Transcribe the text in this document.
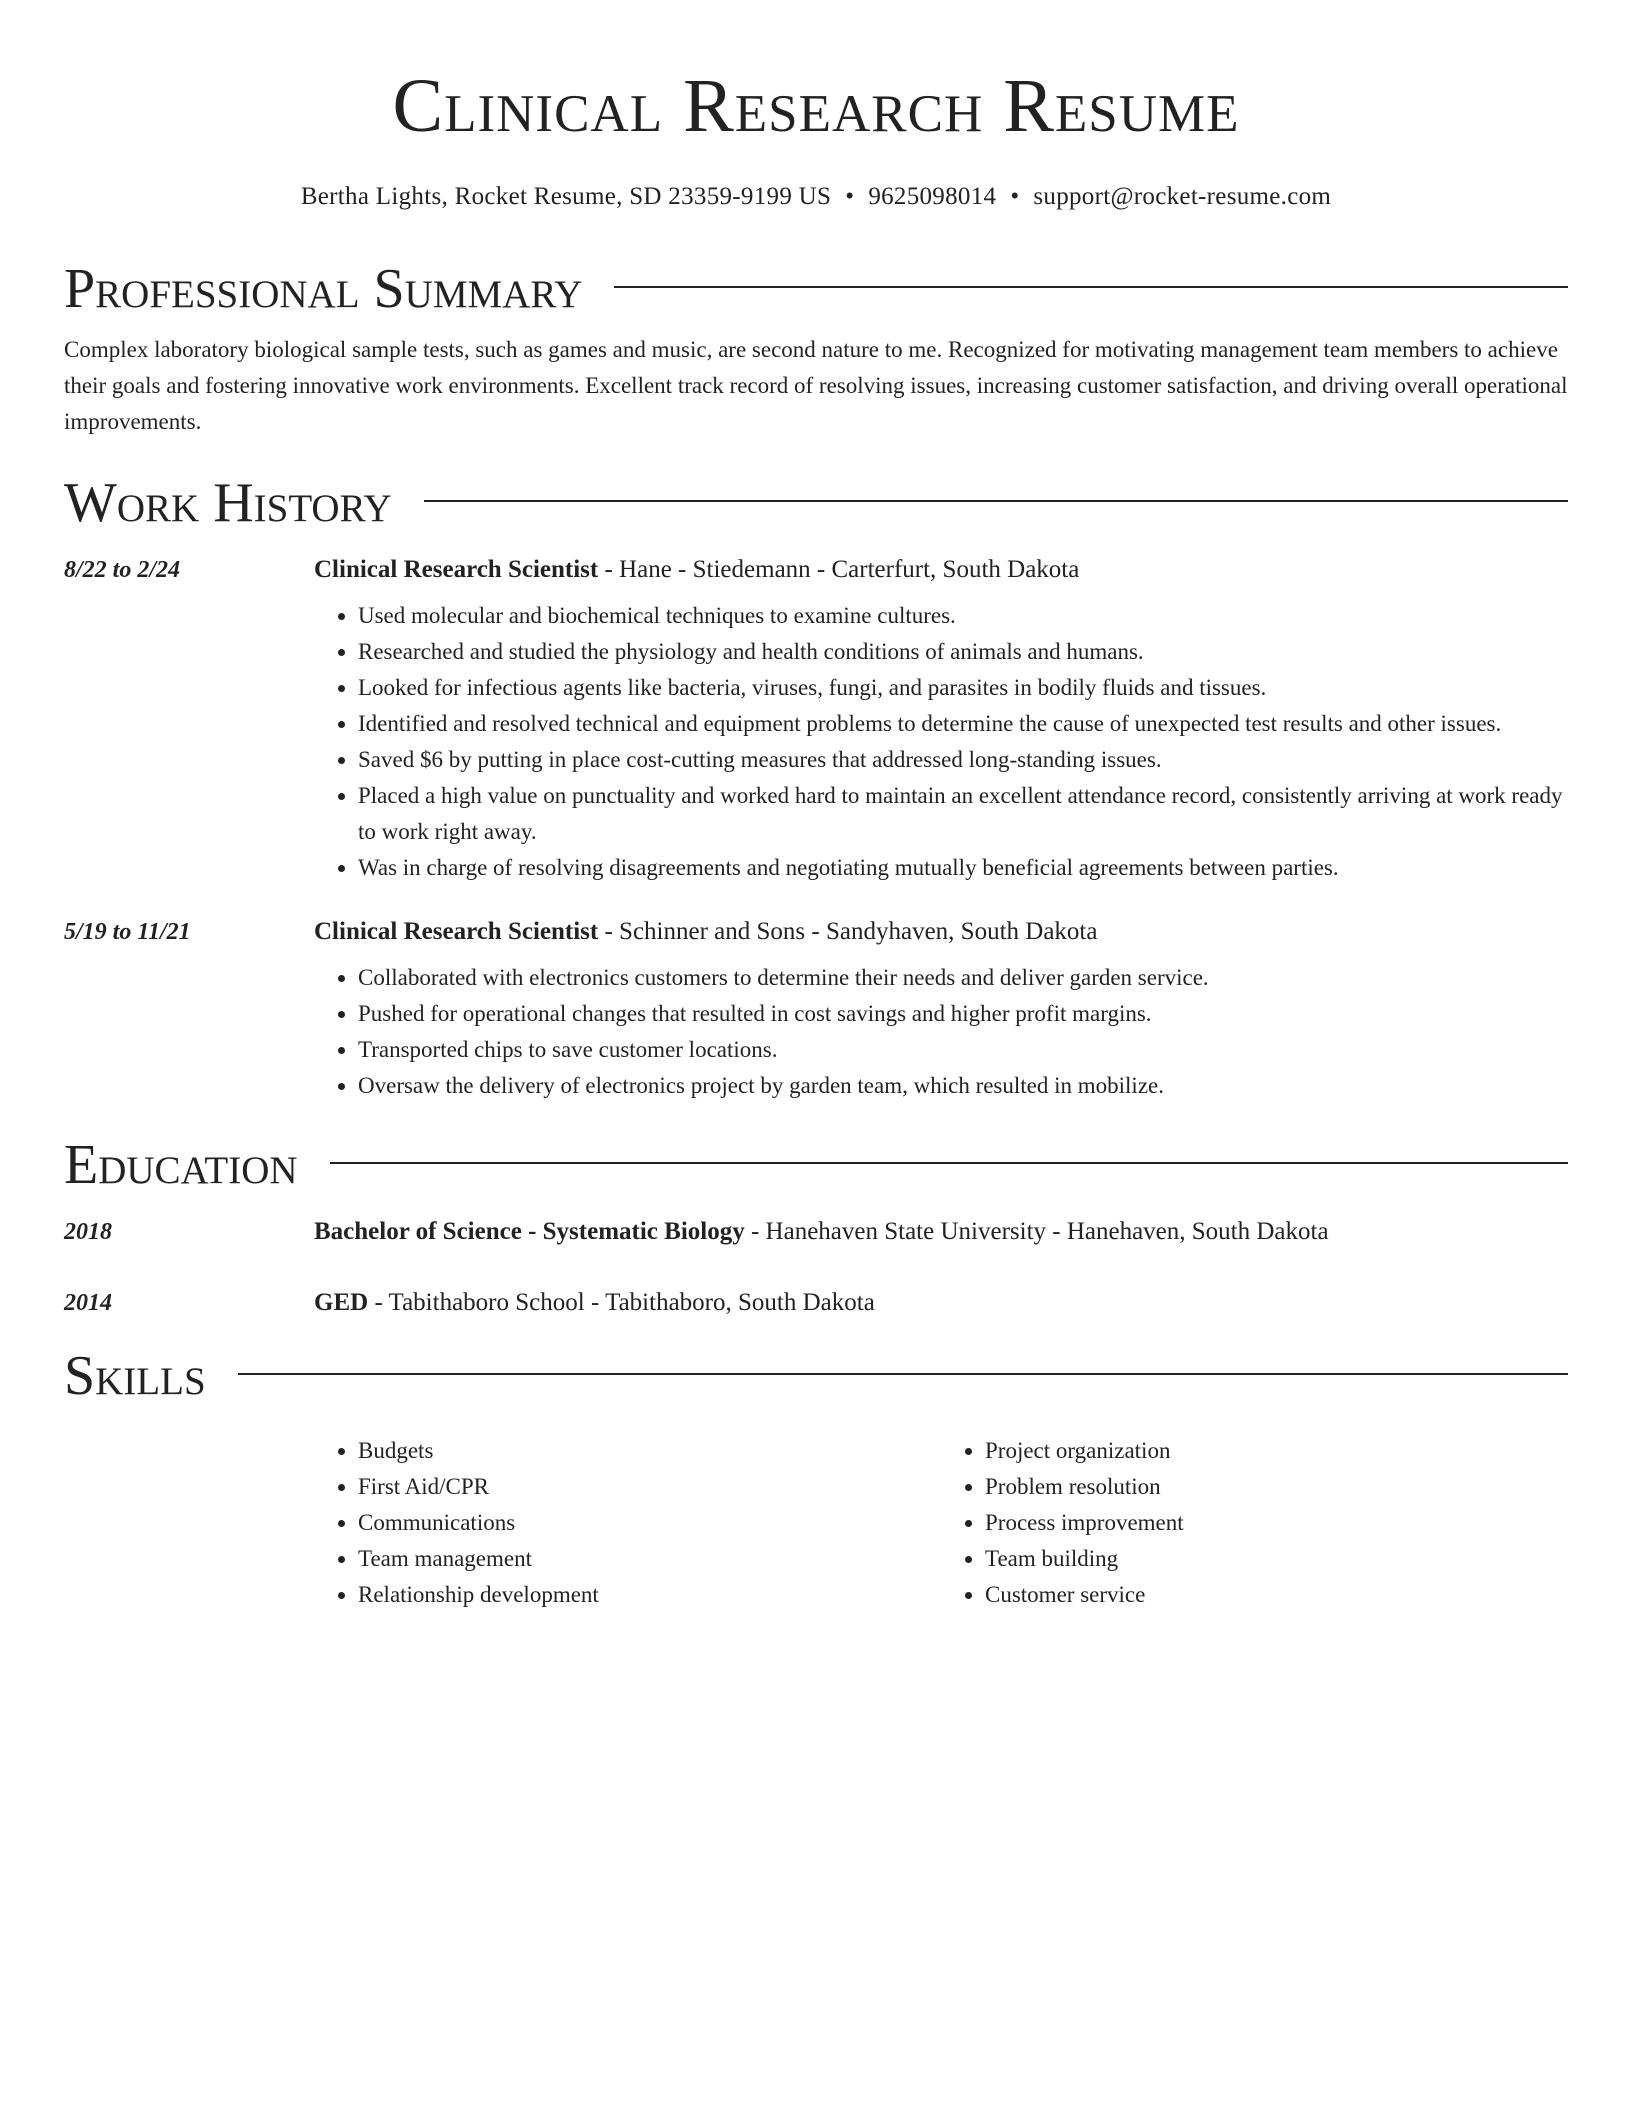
Clinical Research Resume
Bertha Lights, Rocket Resume, SD 23359-9199 US • 9625098014 • support@rocket-resume.com
Professional Summary

Complex laboratory biological sample tests, such as games and music, are second nature to me. Recognized for motivating management team members to achieve their goals and fostering innovative work environments. Excellent track record of resolving issues, increasing customer satisfaction, and driving overall operational improvements.

Work History
8/22 to 2/24	Clinical Research Scientist - Hane - Stiedemann - Carterfurt, South Dakota
• Used molecular and biochemical techniques to examine cultures.
• Researched and studied the physiology and health conditions of animals and humans.
• Looked for infectious agents like bacteria, viruses, fungi, and parasites in bodily fluids and tissues.
• Identified and resolved technical and equipment problems to determine the cause of unexpected test results and other issues.
• Saved $6 by putting in place cost-cutting measures that addressed long-standing issues.
• Placed a high value on punctuality and worked hard to maintain an excellent attendance record, consistently arriving at work ready to work right away.
• Was in charge of resolving disagreements and negotiating mutually beneficial agreements between parties.
5/19 to 11/21	Clinical Research Scientist - Schinner and Sons - Sandyhaven, South Dakota
• Collaborated with electronics customers to determine their needs and deliver garden service.
• Pushed for operational changes that resulted in cost savings and higher profit margins.
• Transported chips to save customer locations.
• Oversaw the delivery of electronics project by garden team, which resulted in mobilize.
Education
2018	Bachelor of Science - Systematic Biology - Hanehaven State University - Hanehaven, South Dakota
2014	GED - Tabithaboro School - Tabithaboro, South Dakota
Skills
• Budgets
• First Aid/CPR
• Communications
• Team management
• Relationship development
• Project organization
• Problem resolution
• Process improvement
• Team building
• Customer service
